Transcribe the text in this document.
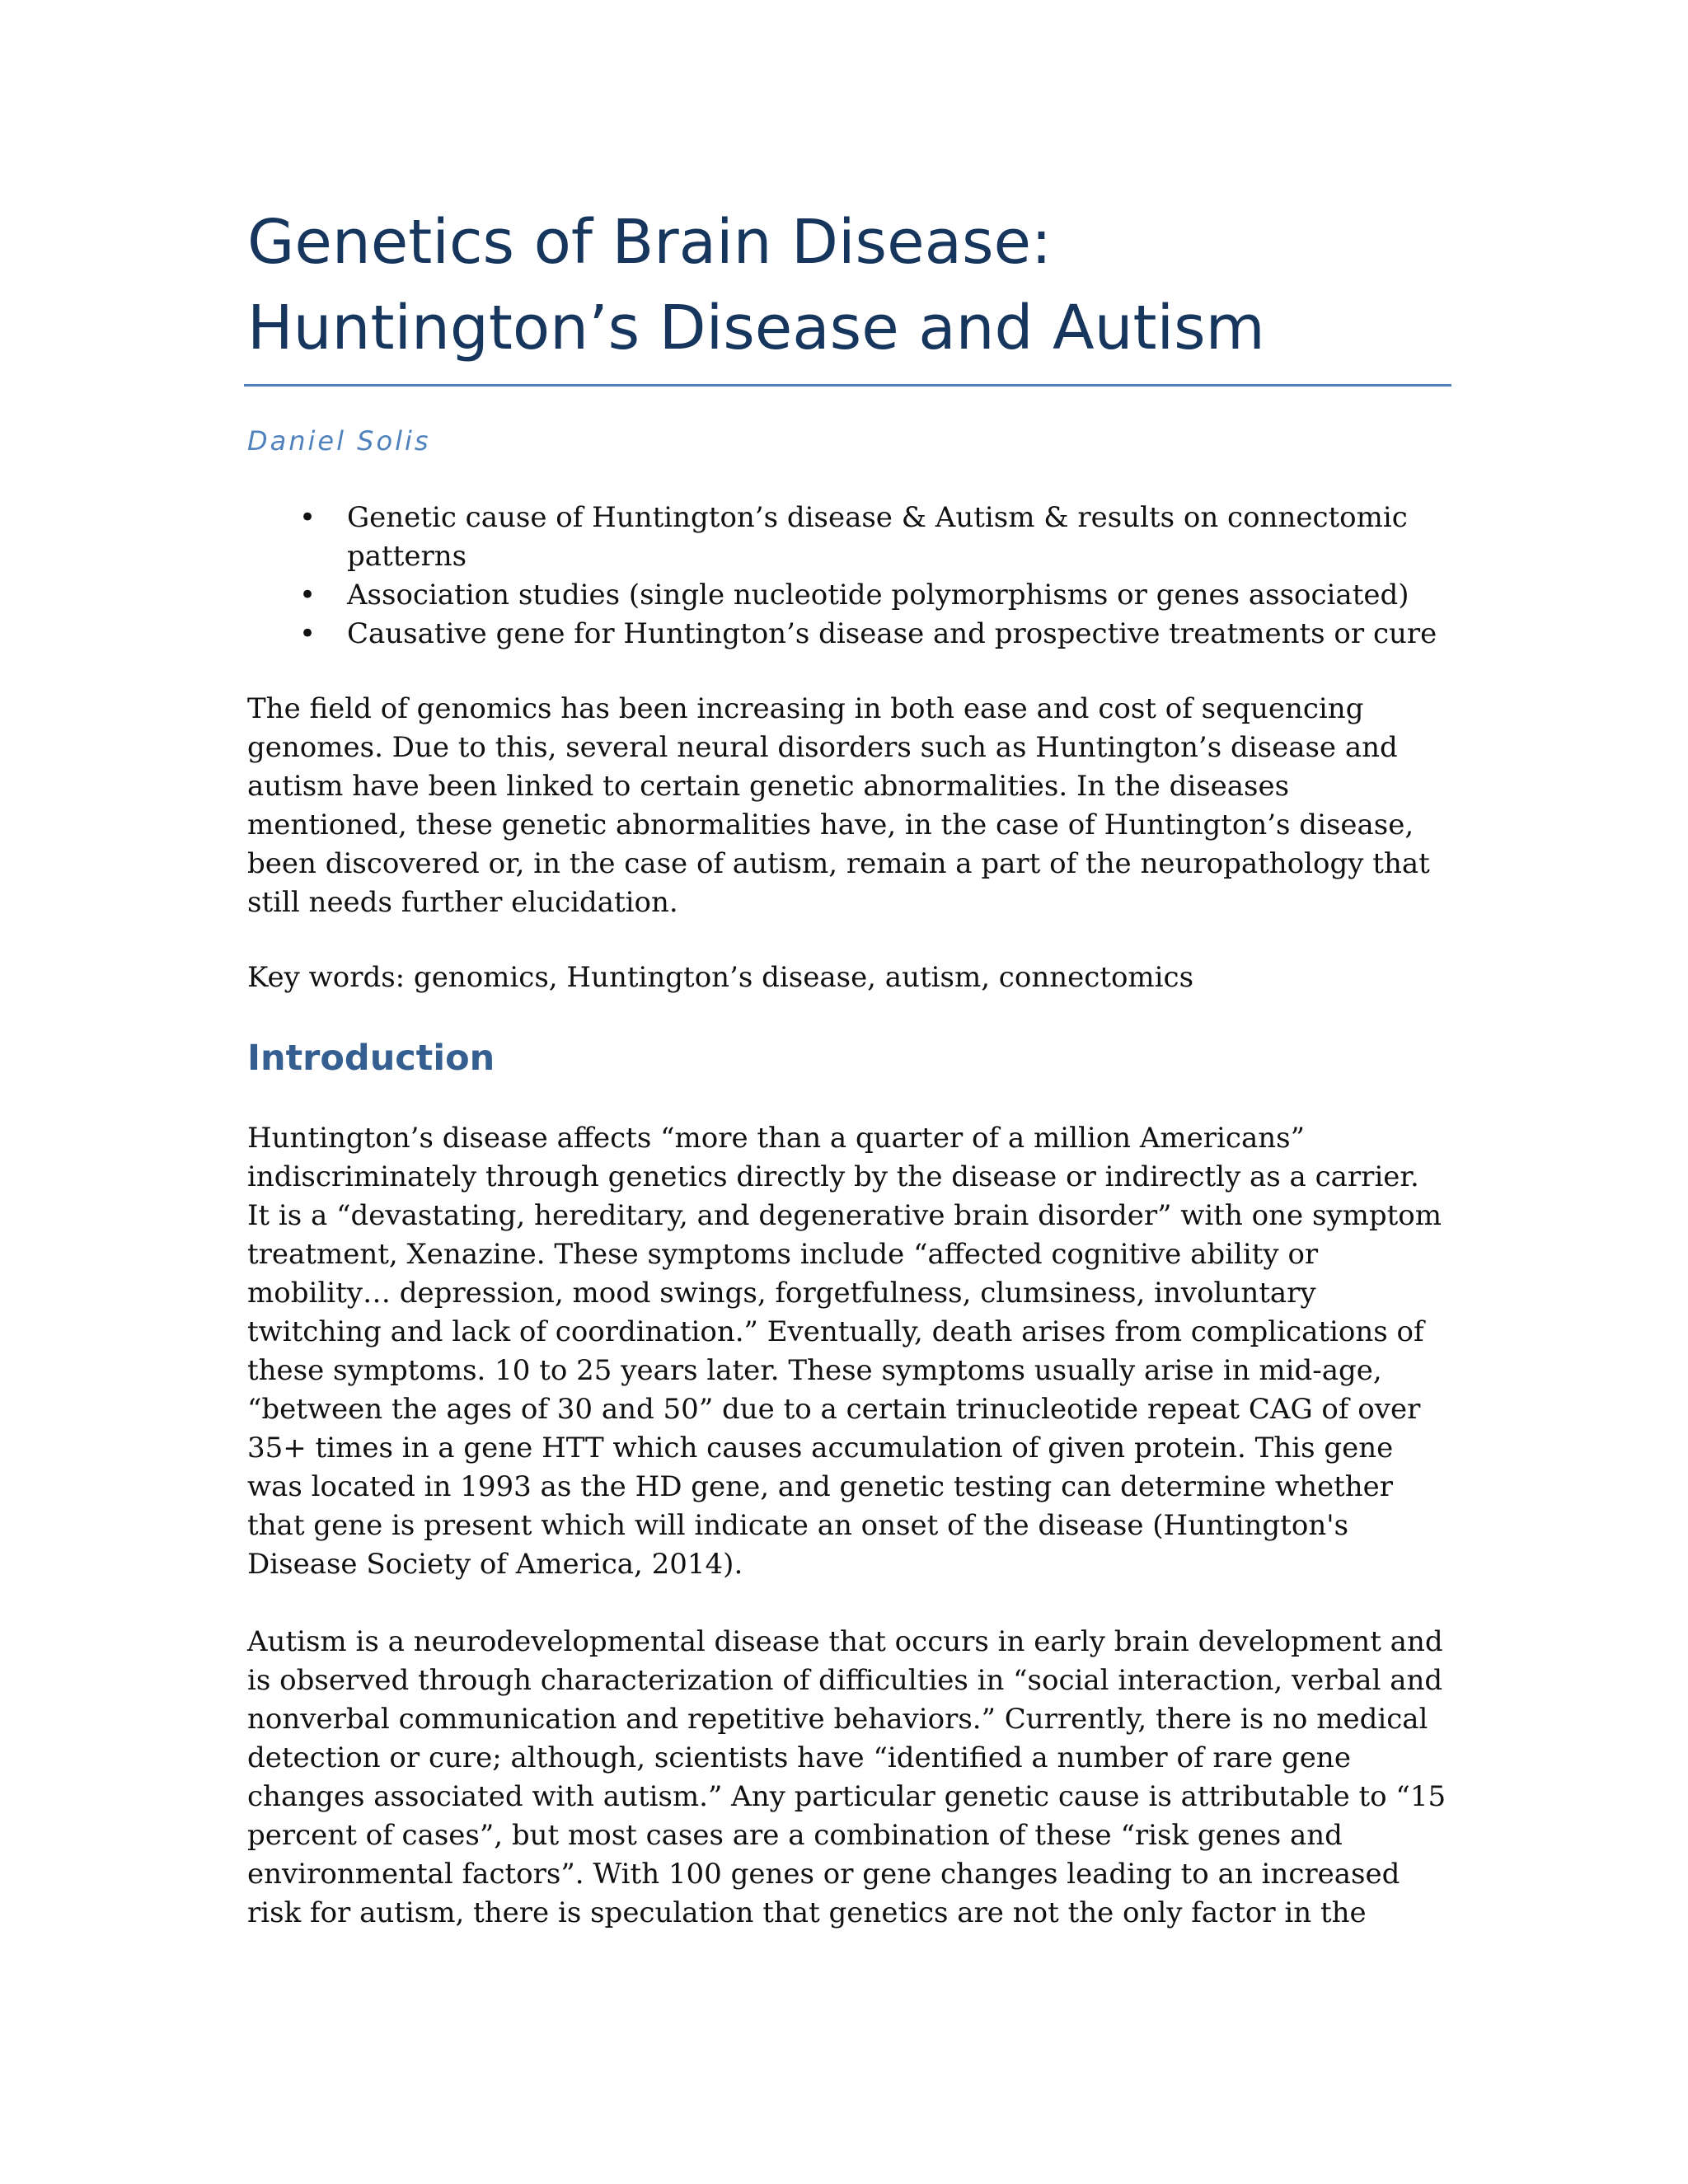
Genetics of Brain Disease: Huntington’s Disease and Autism
Daniel Solis
• Genetic cause of Huntington’s disease & Autism & results on connectomic patterns
• Association studies (single nucleotide polymorphisms or genes associated)
• Causative gene for Huntington’s disease and prospective treatments or cure

The field of genomics has been increasing in both ease and cost of sequencing genomes. Due to this, several neural disorders such as Huntington’s disease and autism have been linked to certain genetic abnormalities. In the diseases mentioned, these genetic abnormalities have, in the case of Huntington’s disease, been discovered or, in the case of autism, remain a part of the neuropathology that still needs further elucidation.

Key words: genomics, Huntington’s disease, autism, connectomics

Introduction

Huntington’s disease affects “more than a quarter of a million Americans” indiscriminately through genetics directly by the disease or indirectly as a carrier. It is a “devastating, hereditary, and degenerative brain disorder” with one symptom treatment, Xenazine. These symptoms include “affected cognitive ability or mobility… depression, mood swings, forgetfulness, clumsiness, involuntary twitching and lack of coordination.” Eventually, death arises from complications of these symptoms. 10 to 25 years later. These symptoms usually arise in mid-age, “between the ages of 30 and 50” due to a certain trinucleotide repeat CAG of over 35+ times in a gene HTT which causes accumulation of given protein. This gene was located in 1993 as the HD gene, and genetic testing can determine whether that gene is present which will indicate an onset of the disease (Huntington's Disease Society of America, 2014).

Autism is a neurodevelopmental disease that occurs in early brain development and is observed through characterization of difficulties in “social interaction, verbal and nonverbal communication and repetitive behaviors.” Currently, there is no medical detection or cure; although, scientists have “identified a number of rare gene changes associated with autism.” Any particular genetic cause is attributable to “15 percent of cases”, but most cases are a combination of these “risk genes and environmental factors”. With 100 genes or gene changes leading to an increased risk for autism, there is speculation that genetics are not the only factor in the
